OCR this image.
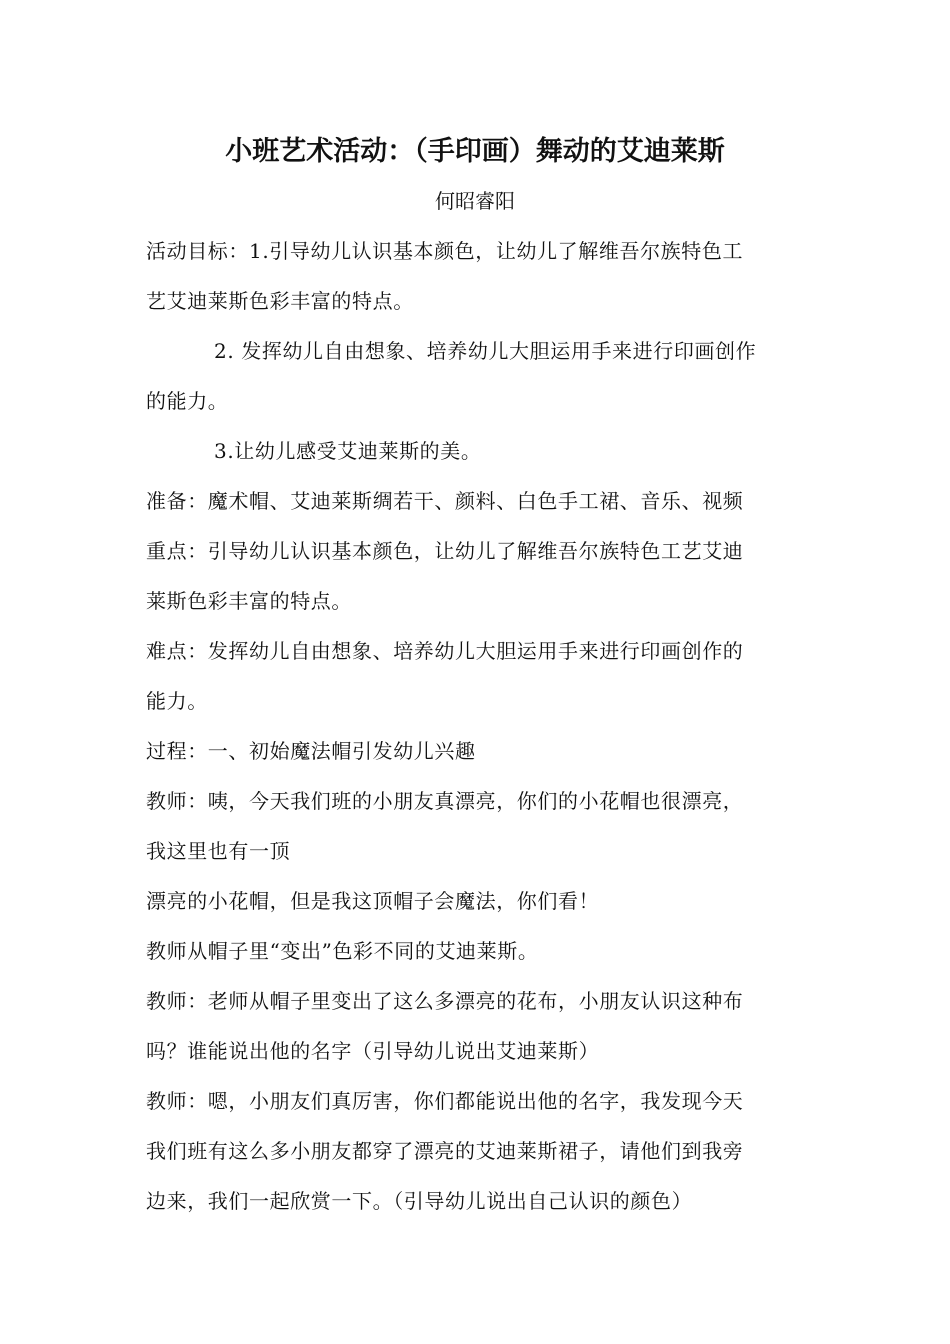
小班艺术活动：（手印画）舞动的艾迪莱斯
何昭睿阳
活动目标：1.引导幼儿认识基本颜色，让幼儿了解维吾尔族特色工
艺艾迪莱斯色彩丰富的特点。
2. 发挥幼儿自由想象、培养幼儿大胆运用手来进行印画创作
的能力。
3.让幼儿感受艾迪莱斯的美。
准备：魔术帽、艾迪莱斯绸若干、颜料、白色手工裙、音乐、视频
重点：引导幼儿认识基本颜色，让幼儿了解维吾尔族特色工艺艾迪
莱斯色彩丰富的特点。
难点：发挥幼儿自由想象、培养幼儿大胆运用手来进行印画创作的
能力。
过程：一、初始魔法帽引发幼儿兴趣
教师：咦，今天我们班的小朋友真漂亮，你们的小花帽也很漂亮，
我这里也有一顶
漂亮的小花帽，但是我这顶帽子会魔法，你们看！
教师从帽子里“变出”色彩不同的艾迪莱斯。
教师：老师从帽子里变出了这么多漂亮的花布，小朋友认识这种布
吗？谁能说出他的名字（引导幼儿说出艾迪莱斯）
教师：嗯，小朋友们真厉害，你们都能说出他的名字，我发现今天
我们班有这么多小朋友都穿了漂亮的艾迪莱斯裙子，请他们到我旁
边来，我们一起欣赏一下。（引导幼儿说出自己认识的颜色）
